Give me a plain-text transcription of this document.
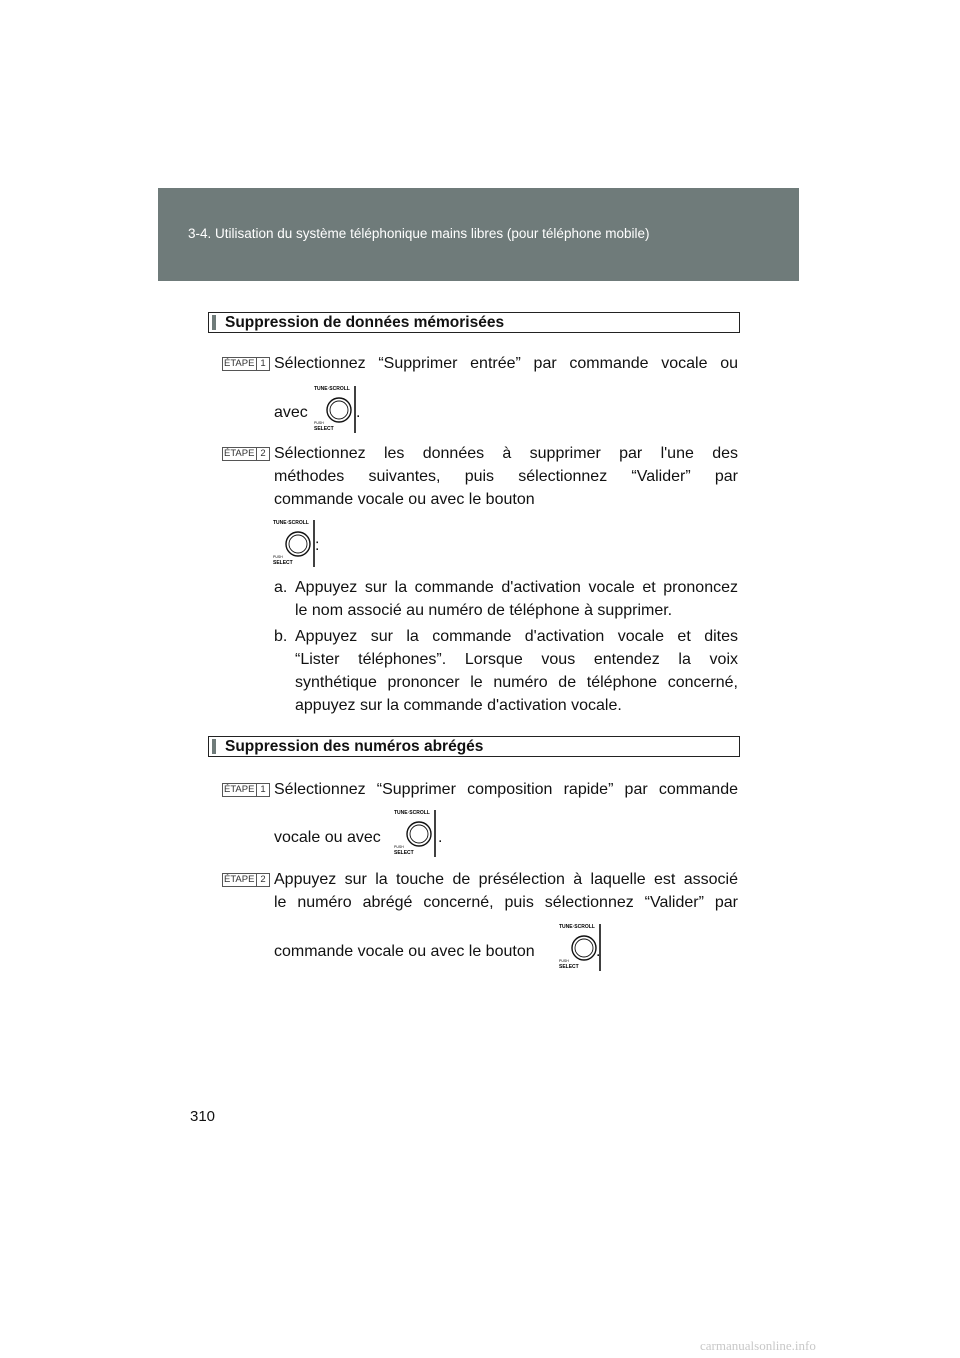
3-4. Utilisation du système téléphonique mains libres (pour téléphone mobile)
Suppression de données mémorisées
ÉTAPE 1 Sélectionnez “Supprimer entrée” par commande vocale ou
avec
TUNE·SCROLL
PUSH
SELECT
.
ÉTAPE 2 Sélectionnez les données à supprimer par l'une des
méthodes suivantes, puis sélectionnez “Valider” par
commande vocale ou avec le bouton
TUNE·SCROLL
PUSH
SELECT
:
a. Appuyez sur la commande d'activation vocale et prononcez
le nom associé au numéro de téléphone à supprimer.
b. Appuyez sur la commande d'activation vocale et dites
“Lister téléphones”. Lorsque vous entendez la voix
synthétique prononcer le numéro de téléphone concerné,
appuyez sur la commande d'activation vocale.
Suppression des numéros abrégés
ÉTAPE 1 Sélectionnez “Supprimer composition rapide” par commande
vocale ou avec
TUNE·SCROLL
PUSH
SELECT
.
ÉTAPE 2 Appuyez sur la touche de présélection à laquelle est associé
le numéro abrégé concerné, puis sélectionnez “Valider” par
commande vocale ou avec le bouton
TUNE·SCROLL
PUSH
SELECT
.
310
carmanualsonline.info
